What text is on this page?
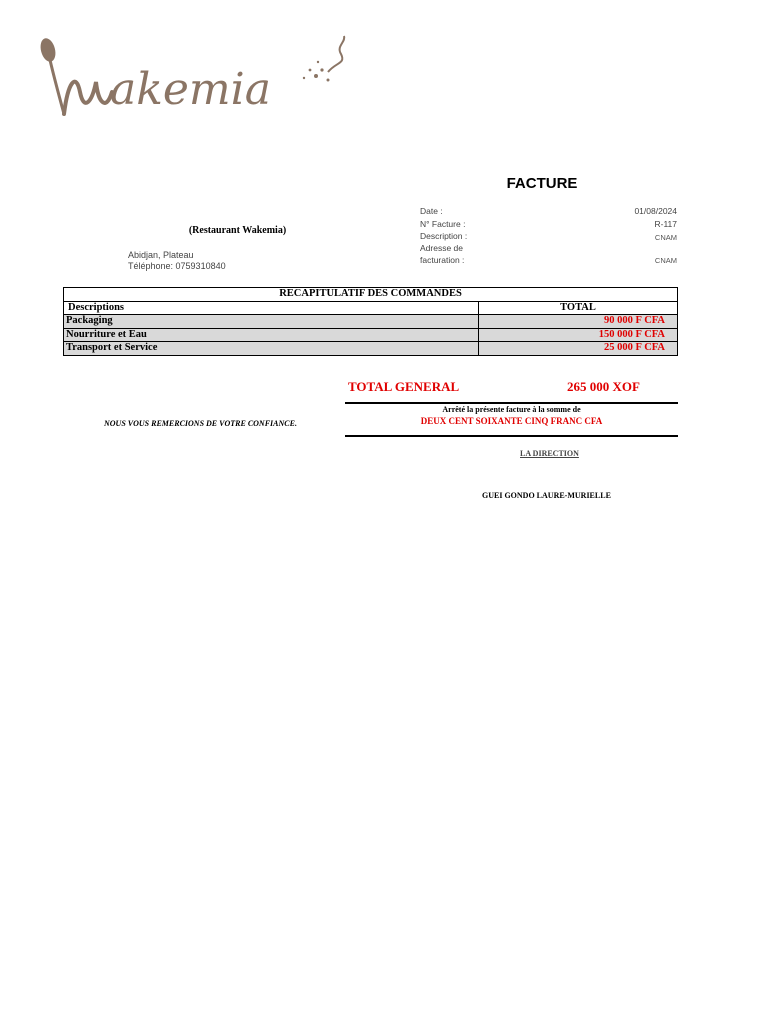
akemia
FACTURE
(Restaurant Wakemia)
Abidjan, Plateau
Téléphone: 0759310840
Date :	01/08/2024
N° Facture :	R-117
Description :	CNAM
Adresse de
facturation :	CNAM
RECAPITULATIF DES COMMANDES	
Descriptions	TOTAL
Packaging	90 000 F CFA
Nourriture et Eau	150 000 F CFA
Transport et Service	25 000 F CFA
TOTAL GENERAL	265 000 XOF
Arrêté la présente facture à la somme de
DEUX CENT SOIXANTE CINQ FRANC CFA
NOUS VOUS REMERCIONS DE VOTRE CONFIANCE.
LA DIRECTION
GUEI GONDO LAURE-MURIELLE
